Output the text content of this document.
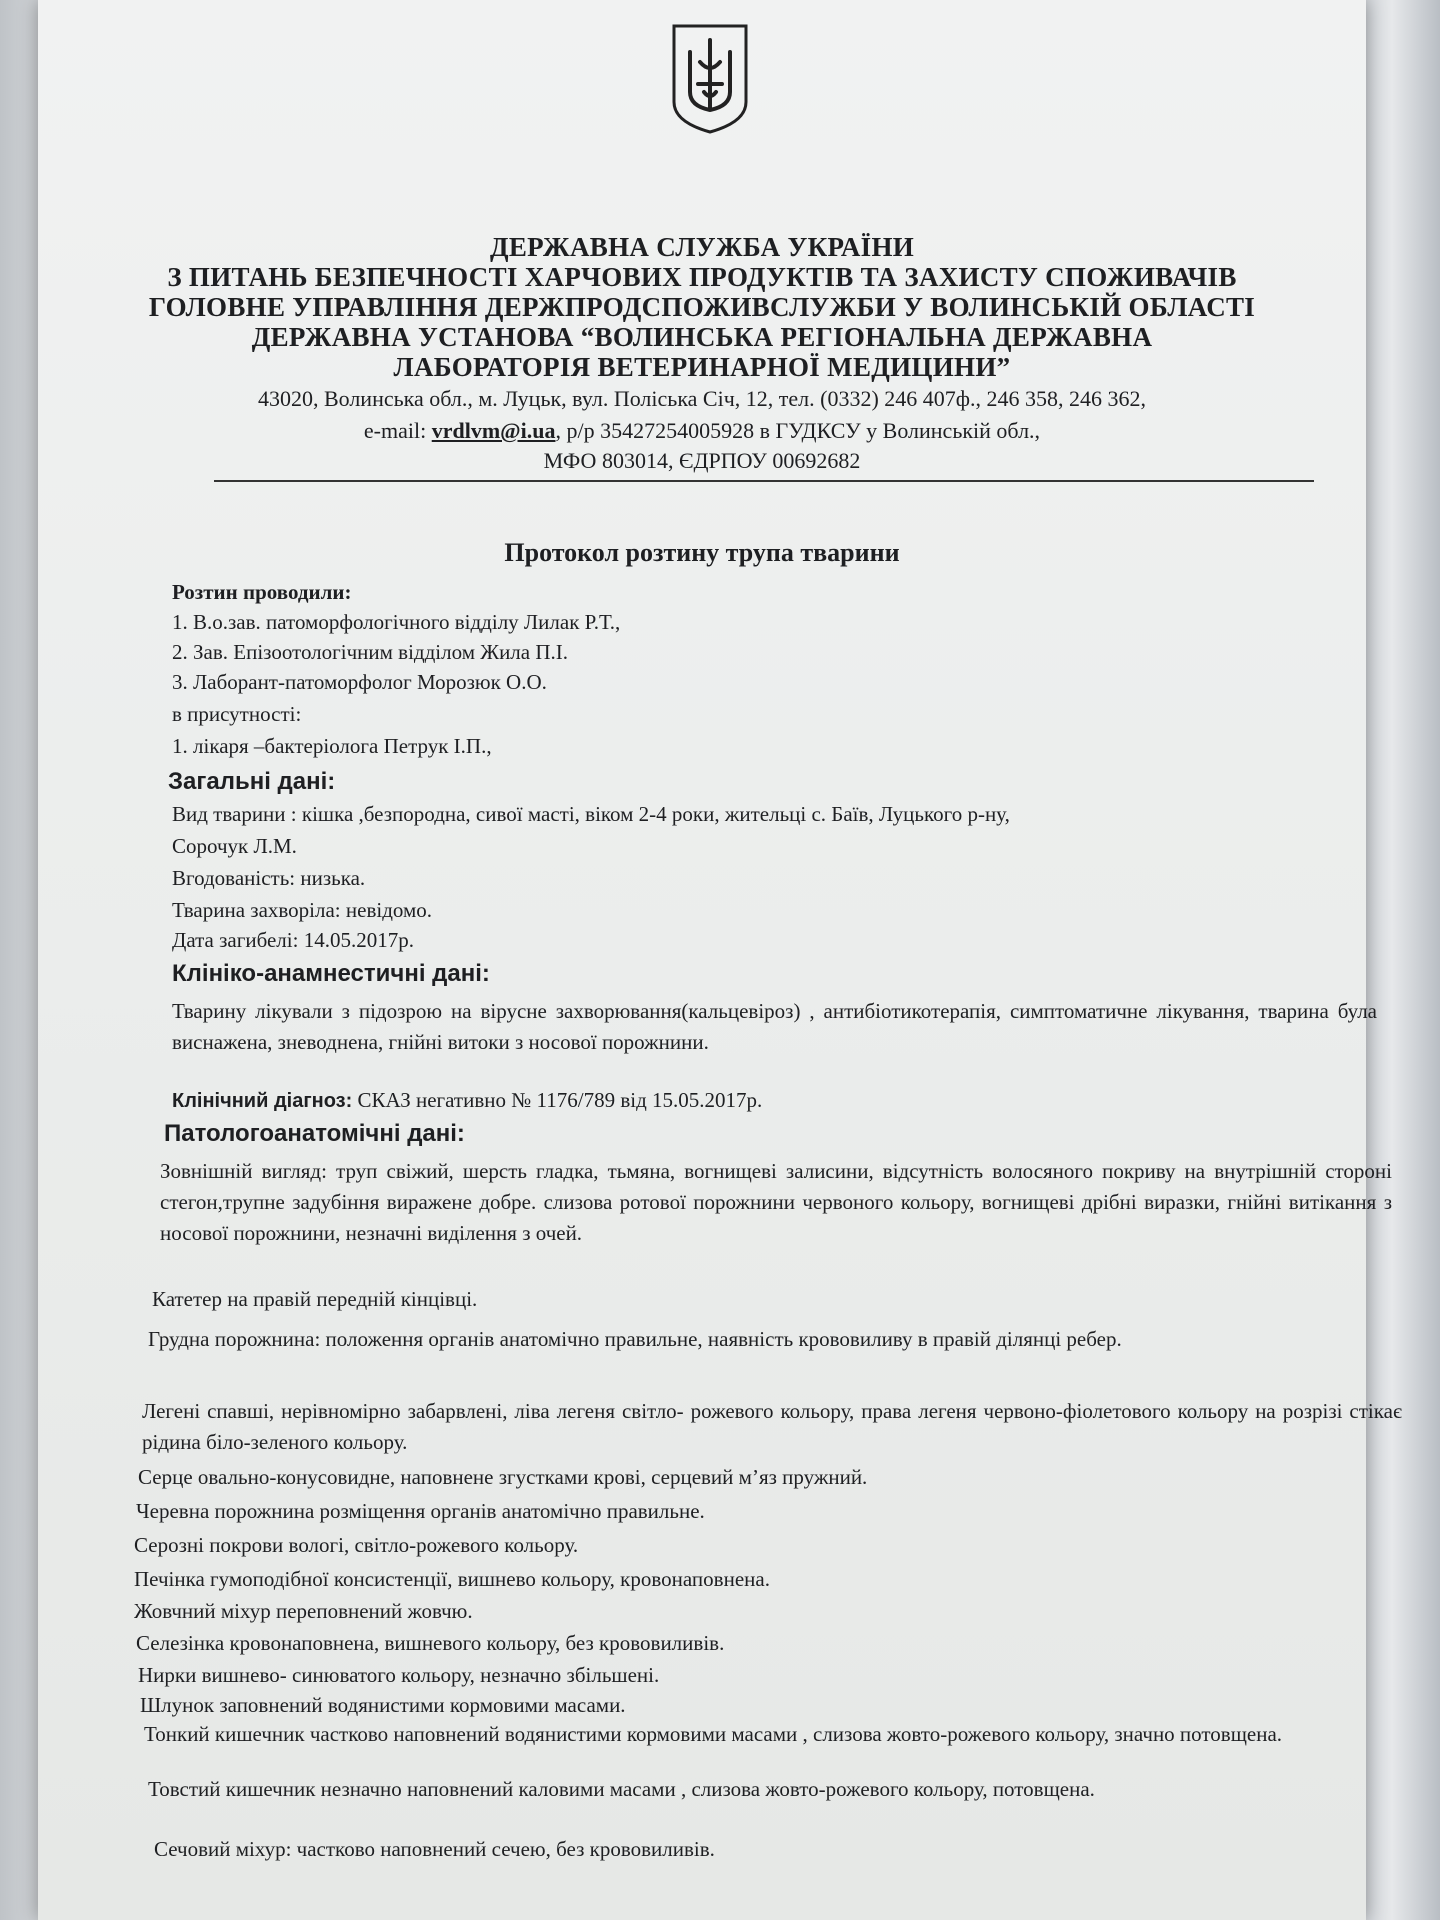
ДЕРЖАВНА СЛУЖБА УКРАЇНИ

З ПИТАНЬ БЕЗПЕЧНОСТІ ХАРЧОВИХ ПРОДУКТІВ ТА ЗАХИСТУ СПОЖИВАЧІВ

ГОЛОВНЕ УПРАВЛІННЯ ДЕРЖПРОДСПОЖИВСЛУЖБИ У ВОЛИНСЬКІЙ ОБЛАСТІ

ДЕРЖАВНА УСТАНОВА “ВОЛИНСЬКА РЕГІОНАЛЬНА ДЕРЖАВНА

ЛАБОРАТОРІЯ ВЕТЕРИНАРНОЇ МЕДИЦИНИ”

43020, Волинська обл., м. Луцьк, вул. Поліська Січ, 12, тел. (0332) 246 407ф., 246 358, 246 362,

e-mail: vrdlvm@i.ua, р/р 35427254005928 в ГУДКСУ у Волинській обл.,

МФО 803014, ЄДРПОУ 00692682

Протокол розтину трупа тварини

Розтин проводили:

1. В.о.зав. патоморфологічного відділу Лилак Р.Т.,

2. Зав. Епізоотологічним відділом Жила П.І.

3. Лаборант-патоморфолог Морозюк О.О.

в присутності:

1. лікаря –бактеріолога Петрук І.П.,

Загальні дані:

Вид тварини : кішка ,безпородна, сивої масті, віком 2-4 роки, жительці с. Баїв, Луцького р-ну,

Сорочук Л.М.

Вгодованість: низька.

Тварина захворіла: невідомо.

Дата загибелі: 14.05.2017р.

Клініко-анамнестичні дані:

Тварину лікували з підозрою на вірусне захворювання(кальцевіроз) , антибіотикотерапія, симптоматичне лікування, тварина була виснажена, зневоднена, гнійні витоки з носової порожнини.

Клінічний діагноз: СКАЗ негативно № 1176/789 від 15.05.2017р.

Патологоанатомічні дані:

Зовнішній вигляд: труп свіжий, шерсть гладка, тьмяна, вогнищеві залисини, відсутність волосяного покриву на внутрішній стороні стегон,трупне задубіння виражене добре. слизова ротової порожнини червоного кольору, вогнищеві дрібні виразки, гнійні витікання з носової порожнини, незначні виділення з очей.

Катетер на правій передній кінцівці.

Грудна порожнина: положення органів анатомічно правильне, наявність крововиливу в правій ділянці ребер.

Легені спавші, нерівномірно забарвлені, ліва легеня світло- рожевого кольору, права легеня червоно-фіолетового кольору на розрізі стікає рідина біло-зеленого кольору.

Серце овально-конусовидне, наповнене згустками крові, серцевий м’яз пружний.

Черевна порожнина розміщення органів анатомічно правильне.

Серозні покрови вологі, світло-рожевого кольору.

Печінка гумоподібної консистенції, вишнево кольору, кровонаповнена.

Жовчний міхур переповнений жовчю.

Селезінка кровонаповнена, вишневого кольору, без крововиливів.

Нирки вишнево- синюватого кольору, незначно збільшені.

Шлунок заповнений водянистими кормовими масами.

Тонкий кишечник частково наповнений водянистими кормовими масами , слизова жовто-рожевого кольору, значно потовщена.

Товстий кишечник незначно наповнений каловими масами , слизова жовто-рожевого кольору, потовщена.

Сечовий міхур: частково наповнений сечею, без крововиливів.
